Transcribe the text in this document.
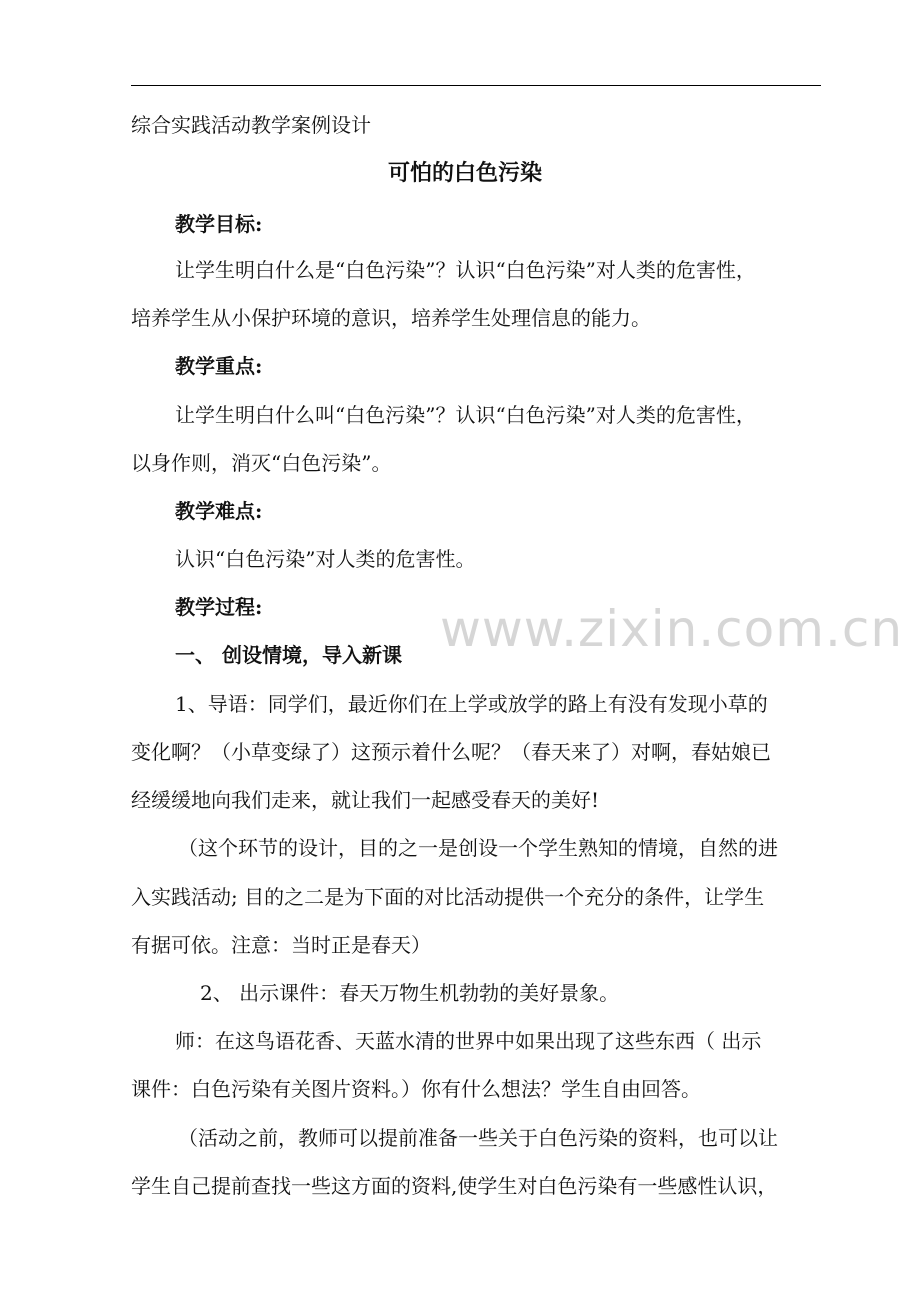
www.zixin.com.cn
综合实践活动教学案例设计
可怕的白色污染
教学目标:
让学生明白什么是“白色污染”？认识“白色污染”对人类的危害性，
培养学生从小保护环境的意识，培养学生处理信息的能力。
教学重点:
让学生明白什么叫“白色污染”？认识“白色污染”对人类的危害性，
以身作则，消灭“白色污染”。
教学难点:
认识“白色污染”对人类的危害性。
教学过程:
一、 创设情境，导入新课
1、导语：同学们，最近你们在上学或放学的路上有没有发现小草的
变化啊？（小草变绿了）这预示着什么呢？（春天来了）对啊，春姑娘已
经缓缓地向我们走来，就让我们一起感受春天的美好!
（这个环节的设计，目的之一是创设一个学生熟知的情境，自然的进
入实践活动; 目的之二是为下面的对比活动提供一个充分的条件，让学生
有据可依。注意：当时正是春天）
2、 出示课件：春天万物生机勃勃的美好景象。
师：在这鸟语花香、天蓝水清的世界中如果出现了这些东西（ 出示
课件：白色污染有关图片资料。）你有什么想法？学生自由回答。
（活动之前，教师可以提前准备一些关于白色污染的资料，也可以让
学生自己提前查找一些这方面的资料,使学生对白色污染有一些感性认识，
